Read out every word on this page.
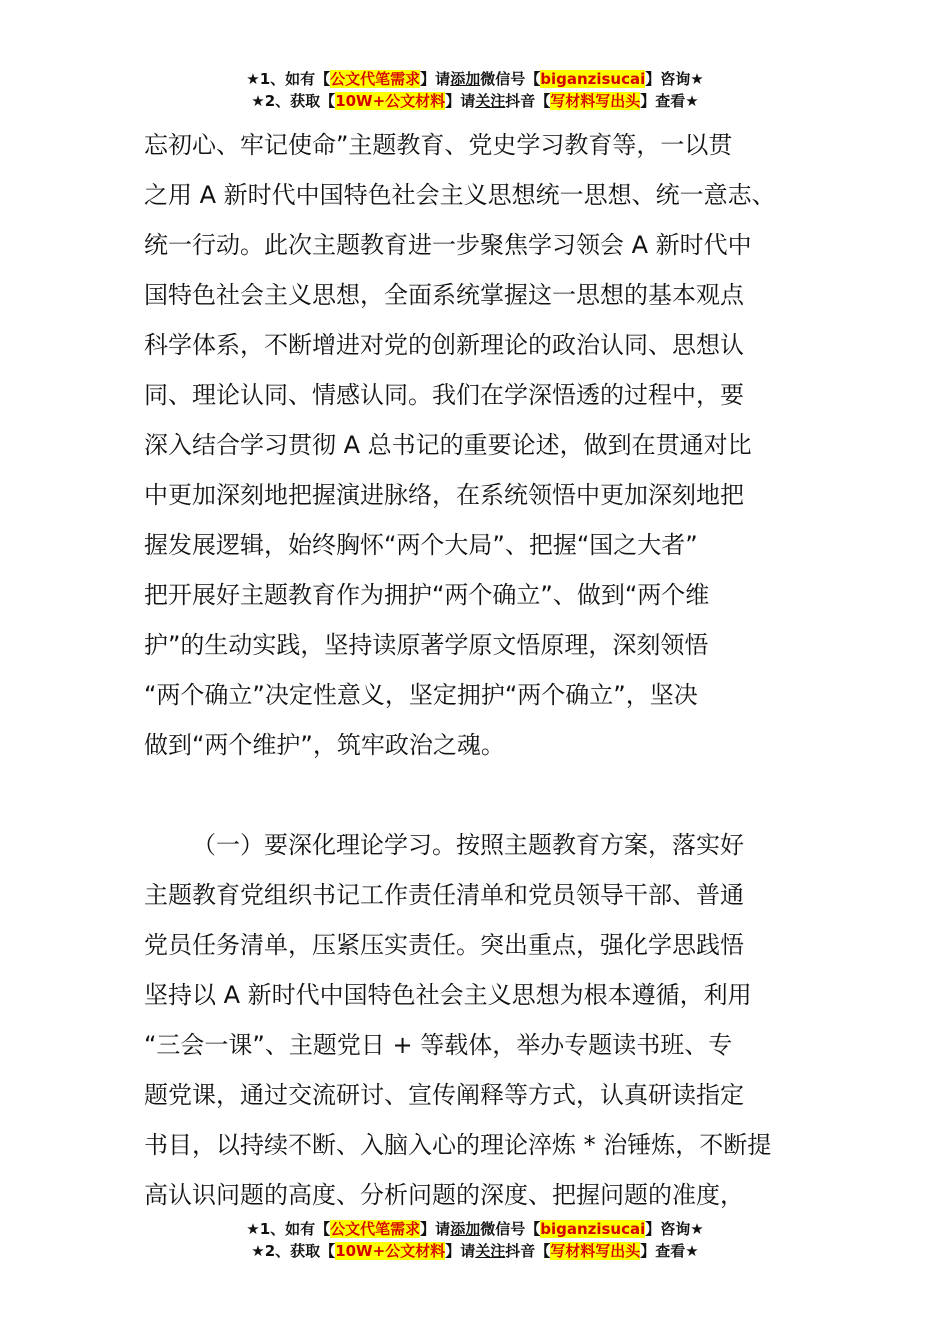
★1、如有【公文代笔需求】请添加微信号【biganzisucai】咨询★
★2、获取【10W+公文材料】请关注抖音【写材料写出头】查看★
忘初心、牢记使命”主题教育、党史学习教育等，一以贯
之用 A 新时代中国特色社会主义思想统一思想、统一意志、
统一行动。此次主题教育进一步聚焦学习领会 A 新时代中
国特色社会主义思想，全面系统掌握这一思想的基本观点
科学体系，不断增进对党的创新理论的政治认同、思想认
同、理论认同、情感认同。我们在学深悟透的过程中，要
深入结合学习贯彻 A 总书记的重要论述，做到在贯通对比
中更加深刻地把握演进脉络，在系统领悟中更加深刻地把
握发展逻辑，始终胸怀“两个大局”、把握“国之大者”
把开展好主题教育作为拥护“两个确立”、做到“两个维
护”的生动实践，坚持读原著学原文悟原理，深刻领悟
“两个确立”决定性意义，坚定拥护“两个确立”，坚决
做到“两个维护”，筑牢政治之魂。
（一）要深化理论学习。按照主题教育方案，落实好
主题教育党组织书记工作责任清单和党员领导干部、普通
党员任务清单，压紧压实责任。突出重点，强化学思践悟
坚持以 A 新时代中国特色社会主义思想为根本遵循，利用
“三会一课”、主题党日 + 等载体，举办专题读书班、专
题党课，通过交流研讨、宣传阐释等方式，认真研读指定
书目，以持续不断、入脑入心的理论淬炼 * 治锤炼，不断提
高认识问题的高度、分析问题的深度、把握问题的准度，
★1、如有【公文代笔需求】请添加微信号【biganzisucai】咨询★
★2、获取【10W+公文材料】请关注抖音【写材料写出头】查看★
